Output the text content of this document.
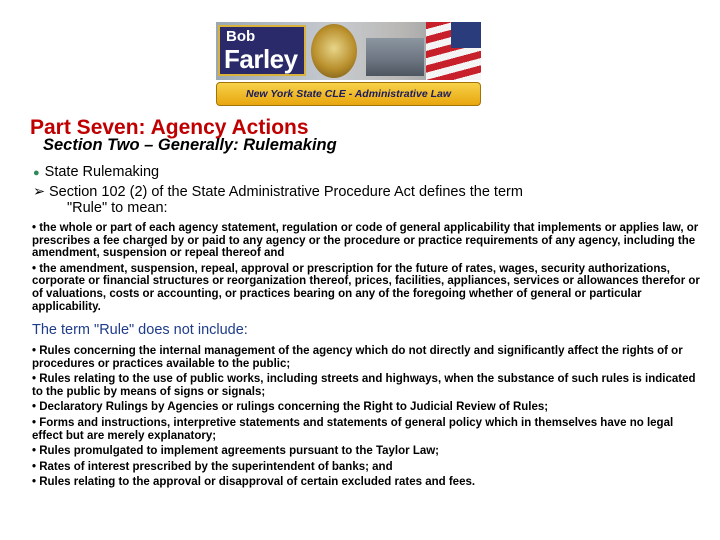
Bob
Farley
New York State CLE - Administrative Law
Part Seven: Agency Actions
Section Two – Generally: Rulemaking
● State Rulemaking
➢ Section 102 (2) of the State Administrative Procedure Act defines the term
"Rule" to mean:

• the whole or part of each agency statement, regulation or code of general applicability that implements or applies law, or prescribes a fee charged by or paid to any agency or the procedure or practice requirements of any agency, including the amendment, suspension or repeal thereof and

• the amendment, suspension, repeal, approval or prescription for the future of rates, wages, security authorizations, corporate or financial structures or reorganization thereof, prices, facilities, appliances, services or allowances therefor or of valuations, costs or accounting, or practices bearing on any of the foregoing whether of general or particular applicability.

The term "Rule" does not include:

• Rules concerning the internal management of the agency which do not directly and significantly affect the rights of or procedures or practices available to the public;

• Rules relating to the use of public works, including streets and highways, when the substance of such rules is indicated to the public by means of signs or signals;

• Declaratory Rulings by Agencies or rulings concerning the Right to Judicial Review of Rules;

• Forms and instructions, interpretive statements and statements of general policy which in themselves have no legal effect but are merely explanatory;

• Rules promulgated to implement agreements pursuant to the Taylor Law;

• Rates of interest prescribed by the superintendent of banks; and

• Rules relating to the approval or disapproval of certain excluded rates and fees.
